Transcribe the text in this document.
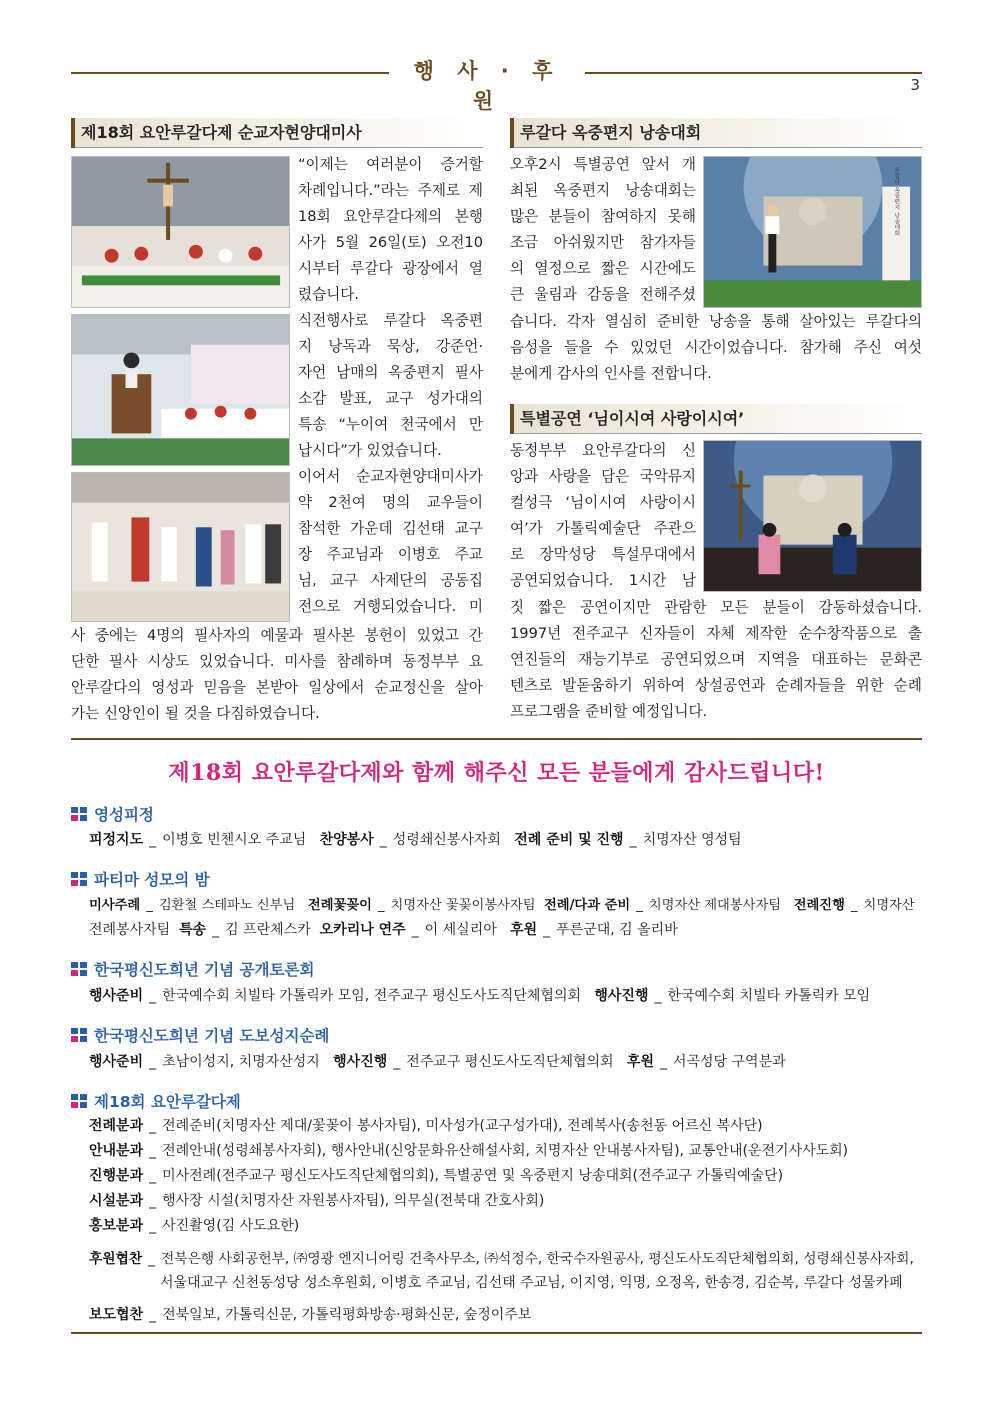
행 사 · 후 원
3
제18회 요안루갈다제 순교자현양대미사
“이제는 여러분이 증거할
차례입니다.”라는 주제로 제
18회 요안루갈다제의 본행
사가 5월 26일(토) 오전10
시부터 루갈다 광장에서 열
렸습니다.
식전행사로 루갈다 옥중편
지 낭독과 묵상, 강준언·
자언 남매의 옥중편지 필사
소감 발표, 교구 성가대의
특송 “누이여 천국에서 만
납시다”가 있었습니다.
이어서 순교자현양대미사가
약 2천여 명의 교우들이
참석한 가운데 김선태 교구
장 주교님과 이병호 주교
님, 교구 사제단의 공동집
전으로 거행되었습니다. 미
사 중에는 4명의 필사자의 예물과 필사본 봉헌이 있었고 간
단한 필사 시상도 있었습니다. 미사를 참례하며 동정부부 요
안루갈다의 영성과 믿음을 본받아 일상에서 순교정신을 살아
가는 신앙인이 될 것을 다짐하였습니다.
루갈다 옥중편지 낭송대회
루갈다 옥중편지 낭송대회
오후2시 특별공연 앞서 개
최된 옥중편지 낭송대회는
많은 분들이 참여하지 못해
조금 아쉬웠지만 참가자들
의 열정으로 짧은 시간에도
큰 울림과 감동을 전해주셨
습니다. 각자 열심히 준비한 낭송을 통해 살아있는 루갈다의
음성을 들을 수 있었던 시간이었습니다. 참가해 주신 여섯
분에게 감사의 인사를 전합니다.
특별공연 ‘님이시여 사랑이시여’
동정부부 요안루갈다의 신
앙과 사랑을 담은 국악뮤지
컬성극 ‘님이시여 사랑이시
여’가 가톨릭예술단 주관으
로 장막성당 특설무대에서
공연되었습니다. 1시간 남
짓 짧은 공연이지만 관람한 모든 분들이 감동하셨습니다.
1997년 전주교구 신자들이 자체 제작한 순수창작품으로 출
연진들의 재능기부로 공연되었으며 지역을 대표하는 문화콘
텐츠로 발돋움하기 위하여 상설공연과 순례자들을 위한 순례
프로그램을 준비할 예정입니다.
제18회 요안루갈다제와 함께 해주신 모든 분들에게 감사드립니다!
영성피정
피정지도 _ 이병호 빈첸시오 주교님 찬양봉사 _ 성령쇄신봉사자회 전례 준비 및 진행 _ 치명자산 영성팀
파티마 성모의 밤
미사주례 _ 김환철 스테파노 신부님 전례꽃꽂이 _ 치명자산 꽃꽂이봉사자팀 전례/다과 준비 _ 치명자산 제대봉사자팀 전례진행 _ 치명자산
전례봉사자팀 특송 _ 김 프란체스카 오카리나 연주 _ 이 세실리아 후원 _ 푸른군대, 김 올리바
한국평신도희년 기념 공개토론회
행사준비 _ 한국예수회 치빌타 가톨릭카 모임, 전주교구 평신도사도직단체협의회 행사진행 _ 한국예수회 치빌타 카톨릭카 모임
한국평신도희년 기념 도보성지순례
행사준비 _ 초남이성지, 치명자산성지 행사진행 _ 전주교구 평신도사도직단체협의회 후원 _ 서곡성당 구역분과
제18회 요안루갈다제
전례분과 _ 전례준비(치명자산 제대/꽃꽂이 봉사자팀), 미사성가(교구성가대), 전례복사(송천동 어르신 복사단)
안내분과 _ 전례안내(성령쇄봉사자회), 행사안내(신앙문화유산해설사회, 치명자산 안내봉사자팀), 교통안내(운전기사사도회)
진행분과 _ 미사전례(전주교구 평신도사도직단체협의회), 특별공연 및 옥중편지 낭송대회(전주교구 가톨릭예술단)
시설분과 _ 행사장 시설(치명자산 자원봉사자팀), 의무실(전북대 간호사회)
홍보분과 _ 사진촬영(김 사도요한)
후원협찬 _ 전북은행 사회공헌부, ㈜영광 엔지니어링 건축사무소, ㈜석정수, 한국수자원공사, 평신도사도직단체협의회, 성령쇄신봉사자회,
서울대교구 신천동성당 성소후원회, 이병호 주교님, 김선태 주교님, 이지영, 익명, 오정옥, 한송경, 김순복, 루갈다 성물카페
보도협찬 _ 전북일보, 가톨릭신문, 가톨릭평화방송·평화신문, 숲정이주보
